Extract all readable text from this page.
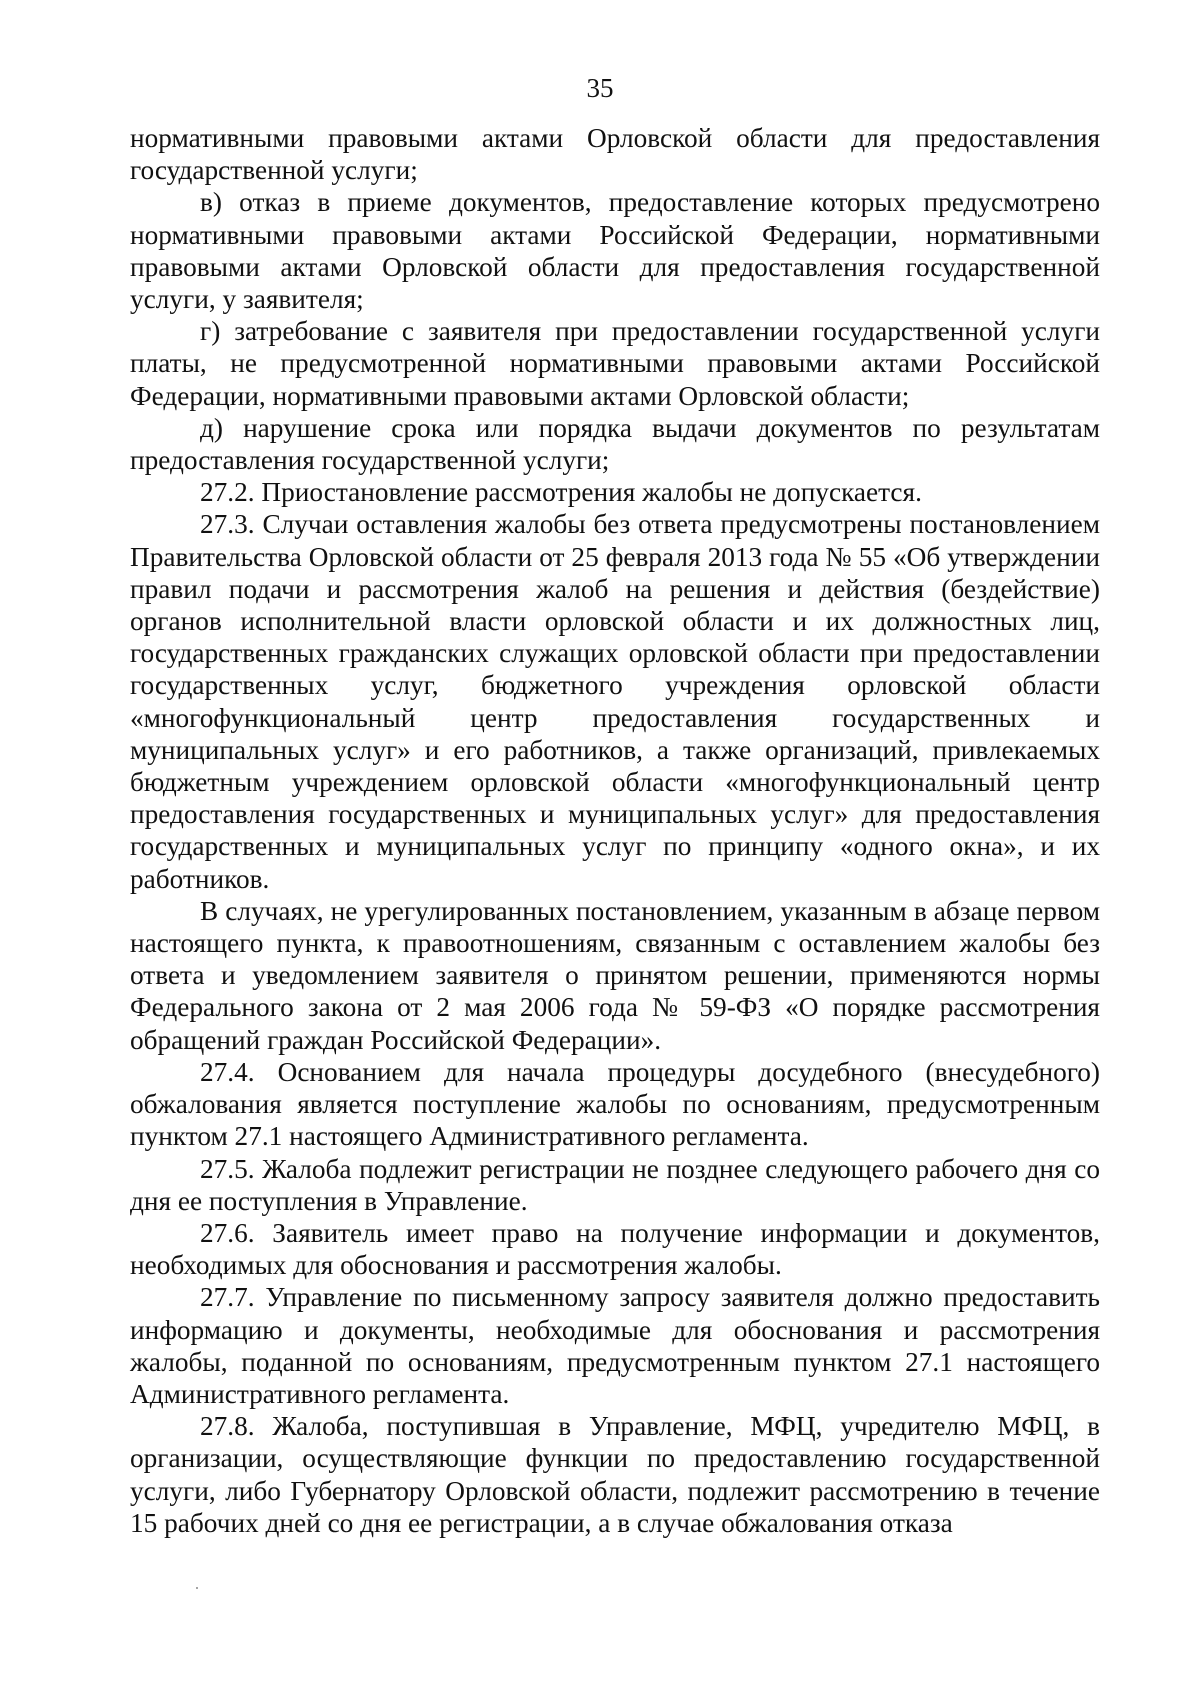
35

нормативными правовыми актами Орловской области для предоставления государственной услуги;

в) отказ в приеме документов, предоставление которых предусмотрено нормативными правовыми актами Российской Федерации, нормативными правовыми актами Орловской области для предоставления государственной услуги, у заявителя;

г) затребование с заявителя при предоставлении государственной услуги платы, не предусмотренной нормативными правовыми актами Российской Федерации, нормативными правовыми актами Орловской области;

д) нарушение срока или порядка выдачи документов по результатам предоставления государственной услуги;

27.2. Приостановление рассмотрения жалобы не допускается.

27.3. Случаи оставления жалобы без ответа предусмотрены постановлением Правительства Орловской области от 25 февраля 2013 года № 55 «Об утверждении правил подачи и рассмотрения жалоб на решения и действия (бездействие) органов исполнительной власти орловской области и их должностных лиц, государственных гражданских служащих орловской области при предоставлении государственных услуг, бюджетного учреждения орловской области «многофункциональный центр предоставления государственных и муниципальных услуг» и его работников, а также организаций, привлекаемых бюджетным учреждением орловской области «многофункциональный центр предоставления государственных и муниципальных услуг» для предоставления государственных и муниципальных услуг по принципу «одного окна», и их работников.

В случаях, не урегулированных постановлением, указанным в абзаце первом настоящего пункта, к правоотношениям, связанным с оставлением жалобы без ответа и уведомлением заявителя о принятом решении, применяются нормы Федерального закона от 2 мая 2006 года № 59-ФЗ «О порядке рассмотрения обращений граждан Российской Федерации».

27.4. Основанием для начала процедуры досудебного (внесудебного) обжалования является поступление жалобы по основаниям, предусмотренным пунктом 27.1 настоящего Административного регламента.

27.5. Жалоба подлежит регистрации не позднее следующего рабочего дня со дня ее поступления в Управление.

27.6. Заявитель имеет право на получение информации и документов, необходимых для обоснования и рассмотрения жалобы.

27.7. Управление по письменному запросу заявителя должно предоставить информацию и документы, необходимые для обоснования и рассмотрения жалобы, поданной по основаниям, предусмотренным пунктом 27.1 настоящего Административного регламента.

27.8. Жалоба, поступившая в Управление, МФЦ, учредителю МФЦ, в организации, осуществляющие функции по предоставлению государственной услуги, либо Губернатору Орловской области, подлежит рассмотрению в течение 15 рабочих дней со дня ее регистрации, а в случае обжалования отказа
